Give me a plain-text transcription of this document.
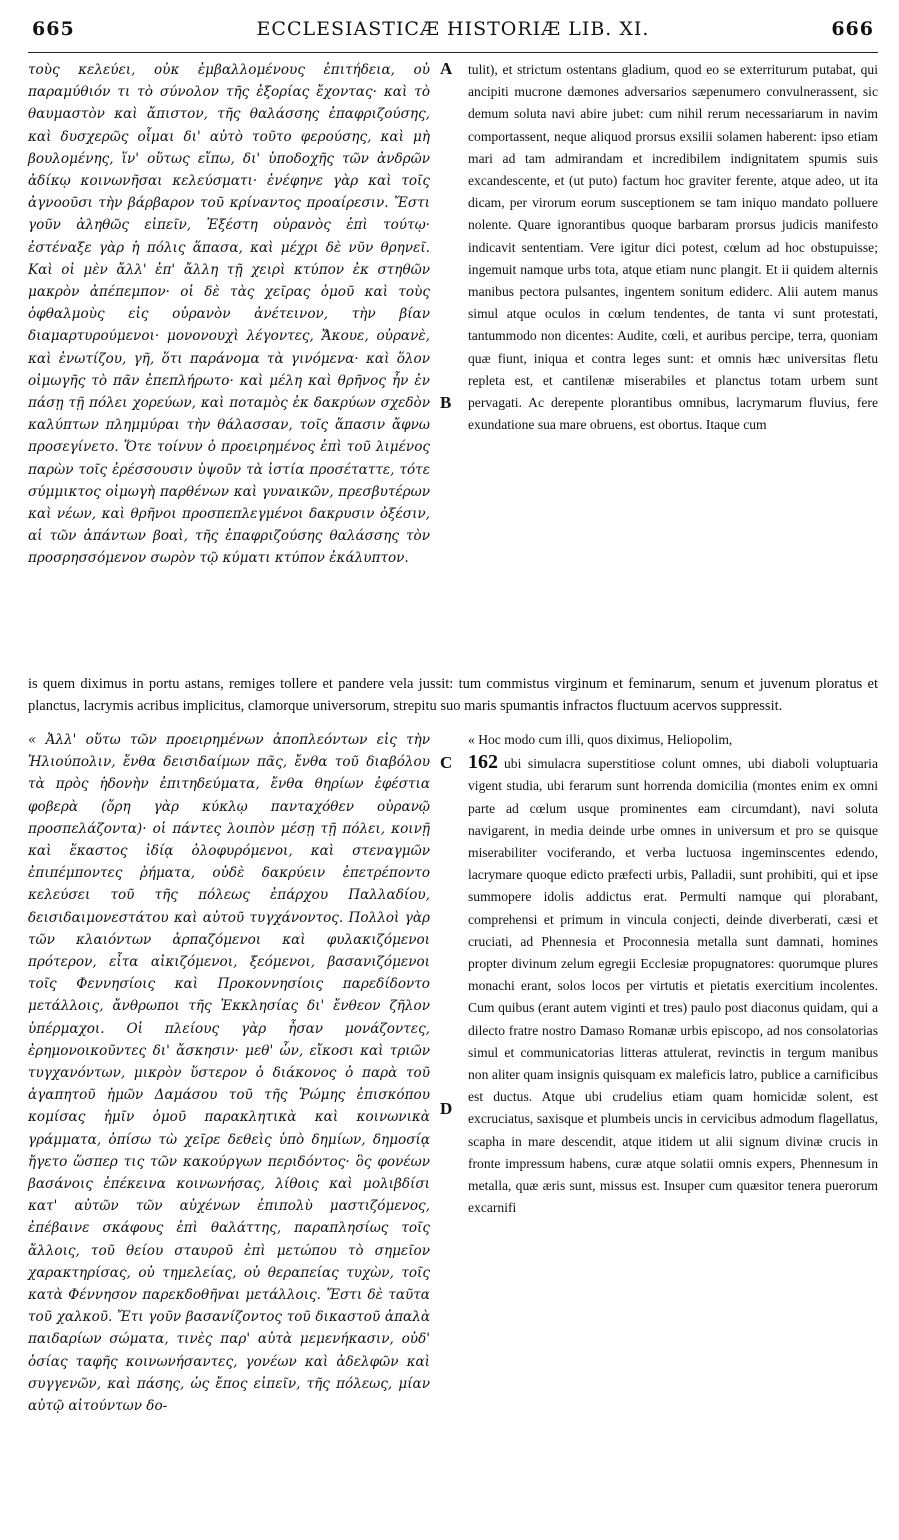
665	ECCLESIASTICÆ HISTORIÆ LIB. XI.	666
τοὺς κελεύει, οὐκ ἐμβαλλομένους ἐπιτήδεια, οὐ παραμύθιόν τι τὸ σύνολον τῆς ἐξορίας ἔχοντας· καὶ τὸ θαυμαστὸν καὶ ἄπιστον, τῆς θαλάσσης ἐπαφριζούσης, καὶ δυσχερῶς οἶμαι δι' αὐτὸ τοῦτο φερούσης, καὶ μὴ βουλομένης, ἵν' οὕτως εἴπω, δι' ὑποδοχῆς τῶν ἀνδρῶν ἀδίκῳ κοινωνῆσαι κελεύσματι· ἐνέφηνε γὰρ καὶ τοῖς ἀγνοοῦσι τὴν βάρβαρον τοῦ κρίναντος προαίρεσιν. Ἔστι γοῦν ἀληθῶς εἰπεῖν, Ἐξέστη οὐρανὸς ἐπὶ τούτῳ· ἐστέναξε γὰρ ἡ πόλις ἅπασα, καὶ μέχρι δὲ νῦν θρηνεῖ. Καὶ οἱ μὲν ἄλλ' ἐπ' ἄλλη τῇ χειρὶ κτύπον ἐκ στηθῶν μακρὸν ἀπέπεμπον· οἱ δὲ τὰς χεῖρας ὁμοῦ καὶ τοὺς ὀφθαλμοὺς εἰς οὐρανὸν ἀνέτεινον, τὴν βίαν διαμαρτυρούμενοι· μονονουχὶ λέγοντες, Ἄκουε, οὐρανὲ, καὶ ἐνωτίζου, γῆ, ὅτι παράνομα τὰ γινόμενα· καὶ ὅλον οἰμωγῆς τὸ πᾶν ἐπεπλήρωτο· καὶ μέλη καὶ θρῆνος ἦν ἐν πάσῃ τῇ πόλει χορεύων, καὶ ποταμὸς ἐκ δακρύων σχεδὸν καλύπτων πλημμύραι τὴν θάλασσαν, τοῖς ἅπασιν ἄφνω προσεγίνετο. Ὅτε τοίνυν ὁ προειρημένος ἐπὶ τοῦ λιμένος παρὼν τοῖς ἐρέσσουσιν ὑψοῦν τὰ ἱστία προσέταττε, τότε σύμμικτος οἰμωγὴ παρθένων καὶ γυναικῶν, πρεσβυτέρων καὶ νέων, καὶ θρῆνοι προσπεπλεγμένοι δακρυσιν ὀξέσιν, αἱ τῶν ἁπάντων βοαὶ, τῆς ἐπαφριζούσης θαλάσσης τὸν προσρησσόμενον σωρὸν τῷ κύματι κτύπον ἐκάλυπτον.
A
B
tulit), et strictum ostentans gladium, quod eo se exterriturum putabat, qui ancipiti mucrone dæmones adversarios sæpenumero convulnerassent, sic demum soluta navi abire jubet: cum nihil rerum necessariarum in navim comportassent, neque aliquod prorsus exsilii solamen haberent: ipso etiam mari ad tam admirandam et incredibilem indignitatem spumis suis excandescente, et (ut puto) factum hoc graviter ferente, atque adeo, ut ita dicam, per virorum eorum susceptionem se tam iniquo mandato polluere nolente. Quare ignorantibus quoque barbaram prorsus judicis manifesto indicavit sententiam. Vere igitur dici potest, cœlum ad hoc obstupuisse; ingemuit namque urbs tota, atque etiam nunc plangit. Et ii quidem alternis manibus pectora pulsantes, ingentem sonitum ediderc. Alii autem manus simul atque oculos in cœlum tendentes, de tanta vi sunt protestati, tantummodo non dicentes: Audite, cœli, et auribus percipe, terra, quoniam quæ fiunt, iniqua et contra leges sunt: et omnis hæc universitas fletu repleta est, et cantilenæ miserabiles et planctus totam urbem sunt pervagati. Ac derepente plorantibus omnibus, lacrymarum fluvius, fere exundatione sua mare obruens, est obortus. Itaque cum
is quem diximus in portu astans, remiges tollere et pandere vela jussit: tum commistus virginum et feminarum, senum et juvenum ploratus et planctus, lacrymis acribus implicitus, clamorque universorum, strepitu suo maris spumantis infractos fluctuum acervos suppressit.
« Ἀλλ' οὕτω τῶν προειρημένων ἀποπλεόντων εἰς τὴν Ἡλιούπολιν, ἔνθα δεισιδαίμων πᾶς, ἔνθα τοῦ διαβόλου τὰ πρὸς ἡδονὴν ἐπιτηδεύματα, ἔνθα θηρίων ἐφέστια φοβερὰ (ὄρη γὰρ κύκλῳ πανταχόθεν οὐρανῷ προσπελάζοντα)· οἱ πάντες λοιπὸν μέσῃ τῇ πόλει, κοινῇ καὶ ἕκαστος ἰδίᾳ ὀλοφυρόμενοι, καὶ στεναγμῶν ἐπιπέμποντες ῥήματα, οὐδὲ δακρύειν ἐπετρέποντο κελεύσει τοῦ τῆς πόλεως ἐπάρχου Παλλαδίου, δεισιδαιμονεστάτου καὶ αὐτοῦ τυγχάνοντος. Πολλοὶ γὰρ τῶν κλαιόντων ἁρπαζόμενοι καὶ φυλακιζόμενοι πρότερον, εἶτα αἰκιζόμενοι, ξεόμενοι, βασανιζόμενοι τοῖς Φεννησίοις καὶ Προκοννησίοις παρεδίδοντο μετάλλοις, ἄνθρωποι τῆς Ἐκκλησίας δι' ἔνθεον ζῆλον ὑπέρμαχοι. Οἱ πλείους γὰρ ἦσαν μονάζοντες, ἐρημονοικοῦντες δι' ἄσκησιν· μεθ' ὧν, εἴκοσι καὶ τριῶν τυγχανόντων, μικρὸν ὕστερον ὁ διάκονος ὁ παρὰ τοῦ ἀγαπητοῦ ἡμῶν Δαμάσου τοῦ τῆς Ῥώμης ἐπισκόπου κομίσας ἡμῖν ὁμοῦ παρακλητικὰ καὶ κοινωνικὰ γράμματα, ὀπίσω τὼ χεῖρε δεθεὶς ὑπὸ δημίων, δημοσίᾳ ἤγετο ὥσπερ τις τῶν κακούργων περιδόντος· ὃς φονέων βασάνοις ἐπέκεινα κοινωνήσας, λίθοις καὶ μολιβδίσι κατ' αὐτῶν τῶν αὐχένων ἐπιπολὺ μαστιζόμενος, ἐπέβαινε σκάφους ἐπὶ θαλάττης, παραπλησίως τοῖς ἄλλοις, τοῦ θείου σταυροῦ ἐπὶ μετώπου τὸ σημεῖον χαρακτηρίσας, οὐ τημελείας, οὐ θεραπείας τυχὼν, τοῖς κατὰ Φέννησον παρεκδοθῆναι μετάλλοις. Ἔστι δὲ ταῦτα τοῦ χαλκοῦ. Ἔτι γοῦν βασανίζοντος τοῦ δικαστοῦ ἁπαλὰ παιδαρίων σώματα, τινὲς παρ' αὐτὰ μεμενήκασιν, οὐδ' ὁσίας ταφῆς κοινωνήσαντες, γονέων καὶ ἀδελφῶν καὶ συγγενῶν, καὶ πάσης, ὡς ἔπος εἰπεῖν, τῆς πόλεως, μίαν αὐτῷ αἰτούντων δο-
C
D
« Hoc modo cum illi, quos diximus, Heliopolim,
162 ubi simulacra superstitiose colunt omnes, ubi diaboli voluptuaria vigent studia, ubi ferarum sunt horrenda domicilia (montes enim ex omni parte ad cœlum usque prominentes eam circumdant), navi soluta navigarent, in media deinde urbe omnes in universum et pro se quisque miserabiliter vociferando, et verba luctuosa ingeminscentes edendo, lacrymare quoque edicto præfecti urbis, Palladii, sunt prohibiti, qui et ipse summopere idolis addictus erat. Permulti namque qui plorabant, comprehensi et primum in vincula conjecti, deinde diverberati, cæsi et cruciati, ad Phennesia et Proconnesia metalla sunt damnati, homines propter divinum zelum egregii Ecclesiæ propugnatores: quorumque plures monachi erant, solos locos per virtutis et pietatis exercitium incolentes. Cum quibus (erant autem viginti et tres) paulo post diaconus quidam, qui a dilecto fratre nostro Damaso Romanæ urbis episcopo, ad nos consolatorias simul et communicatorias litteras attulerat, revinctis in tergum manibus non aliter quam insignis quisquam ex maleficis latro, publice a carnificibus est ductus. Atque ubi crudelius etiam quam homicidæ solent, est excruciatus, saxisque et plumbeis uncis in cervicibus admodum flagellatus, scapha in mare descendit, atque itidem ut alii signum divinæ crucis in fronte impressum habens, curæ atque solatii omnis expers, Phennesum in metalla, quæ æris sunt, missus est. Insuper cum quæsitor tenera puerorum excarnifi
